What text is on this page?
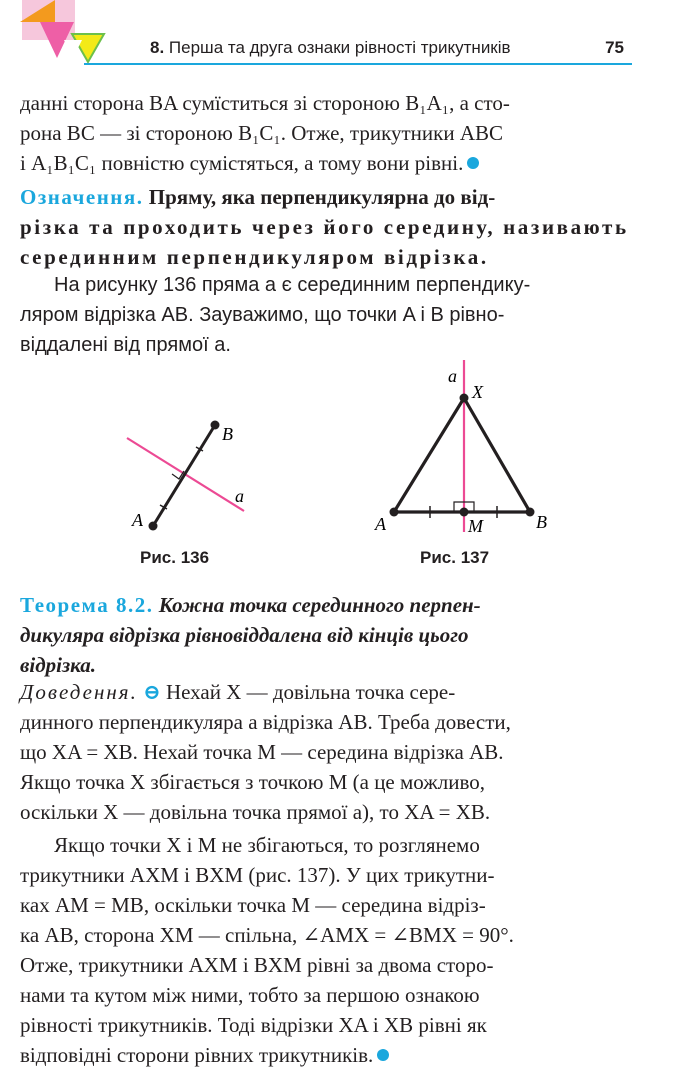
8. Перша та друга ознаки рівності трикутників	75
данні сторона BA сумїститься зі стороною B₁A₁, а сто-
рона BC — зі стороною B₁C₁. Отже, трикутники ABC
і A₁B₁C₁ повністю сумістяться, а тому вони рівні.
Означення. Пряму, яка перпендикулярна до від-
різка та проходить через його середину, називають
серединним перпендикуляром відрізка.
На рисунку 136 пряма a є серединним перпендику-
ляром відрізка AB. Зауважимо, що точки A і B рівно-
віддалені від прямої a.
A
B
a
Рис. 136
a
X
A	M	B
Рис. 137
Теорема 8.2. Кожна точка серединного перпен-
дикуляра відрізка рівновіддалена від кінців цього
відрізка.
Доведення. ⊖ Нехай X — довільна точка сере-
динного перпендикуляра a відрізка AB. Треба довести,
що XA = XB. Нехай точка M — середина відрізка AB.
Якщо точка X збігається з точкою M (а це можливо,
оскільки X — довільна точка прямої a), то XA = XB.
Якщо точки X і M не збігаються, то розглянемо
трикутники AXM і BXM (рис. 137). У цих трикутни-
ках AM = MB, оскільки точка M — середина відріз-
ка AB, сторона XM — спільна, ∠AMX = ∠BMX = 90°.
Отже, трикутники AXM і BXM рівні за двома сторо-
нами та кутом між ними, тобто за першою ознакою
рівності трикутників. Тоді відрізки XA і XB рівні як
відповідні сторони рівних трикутників.
